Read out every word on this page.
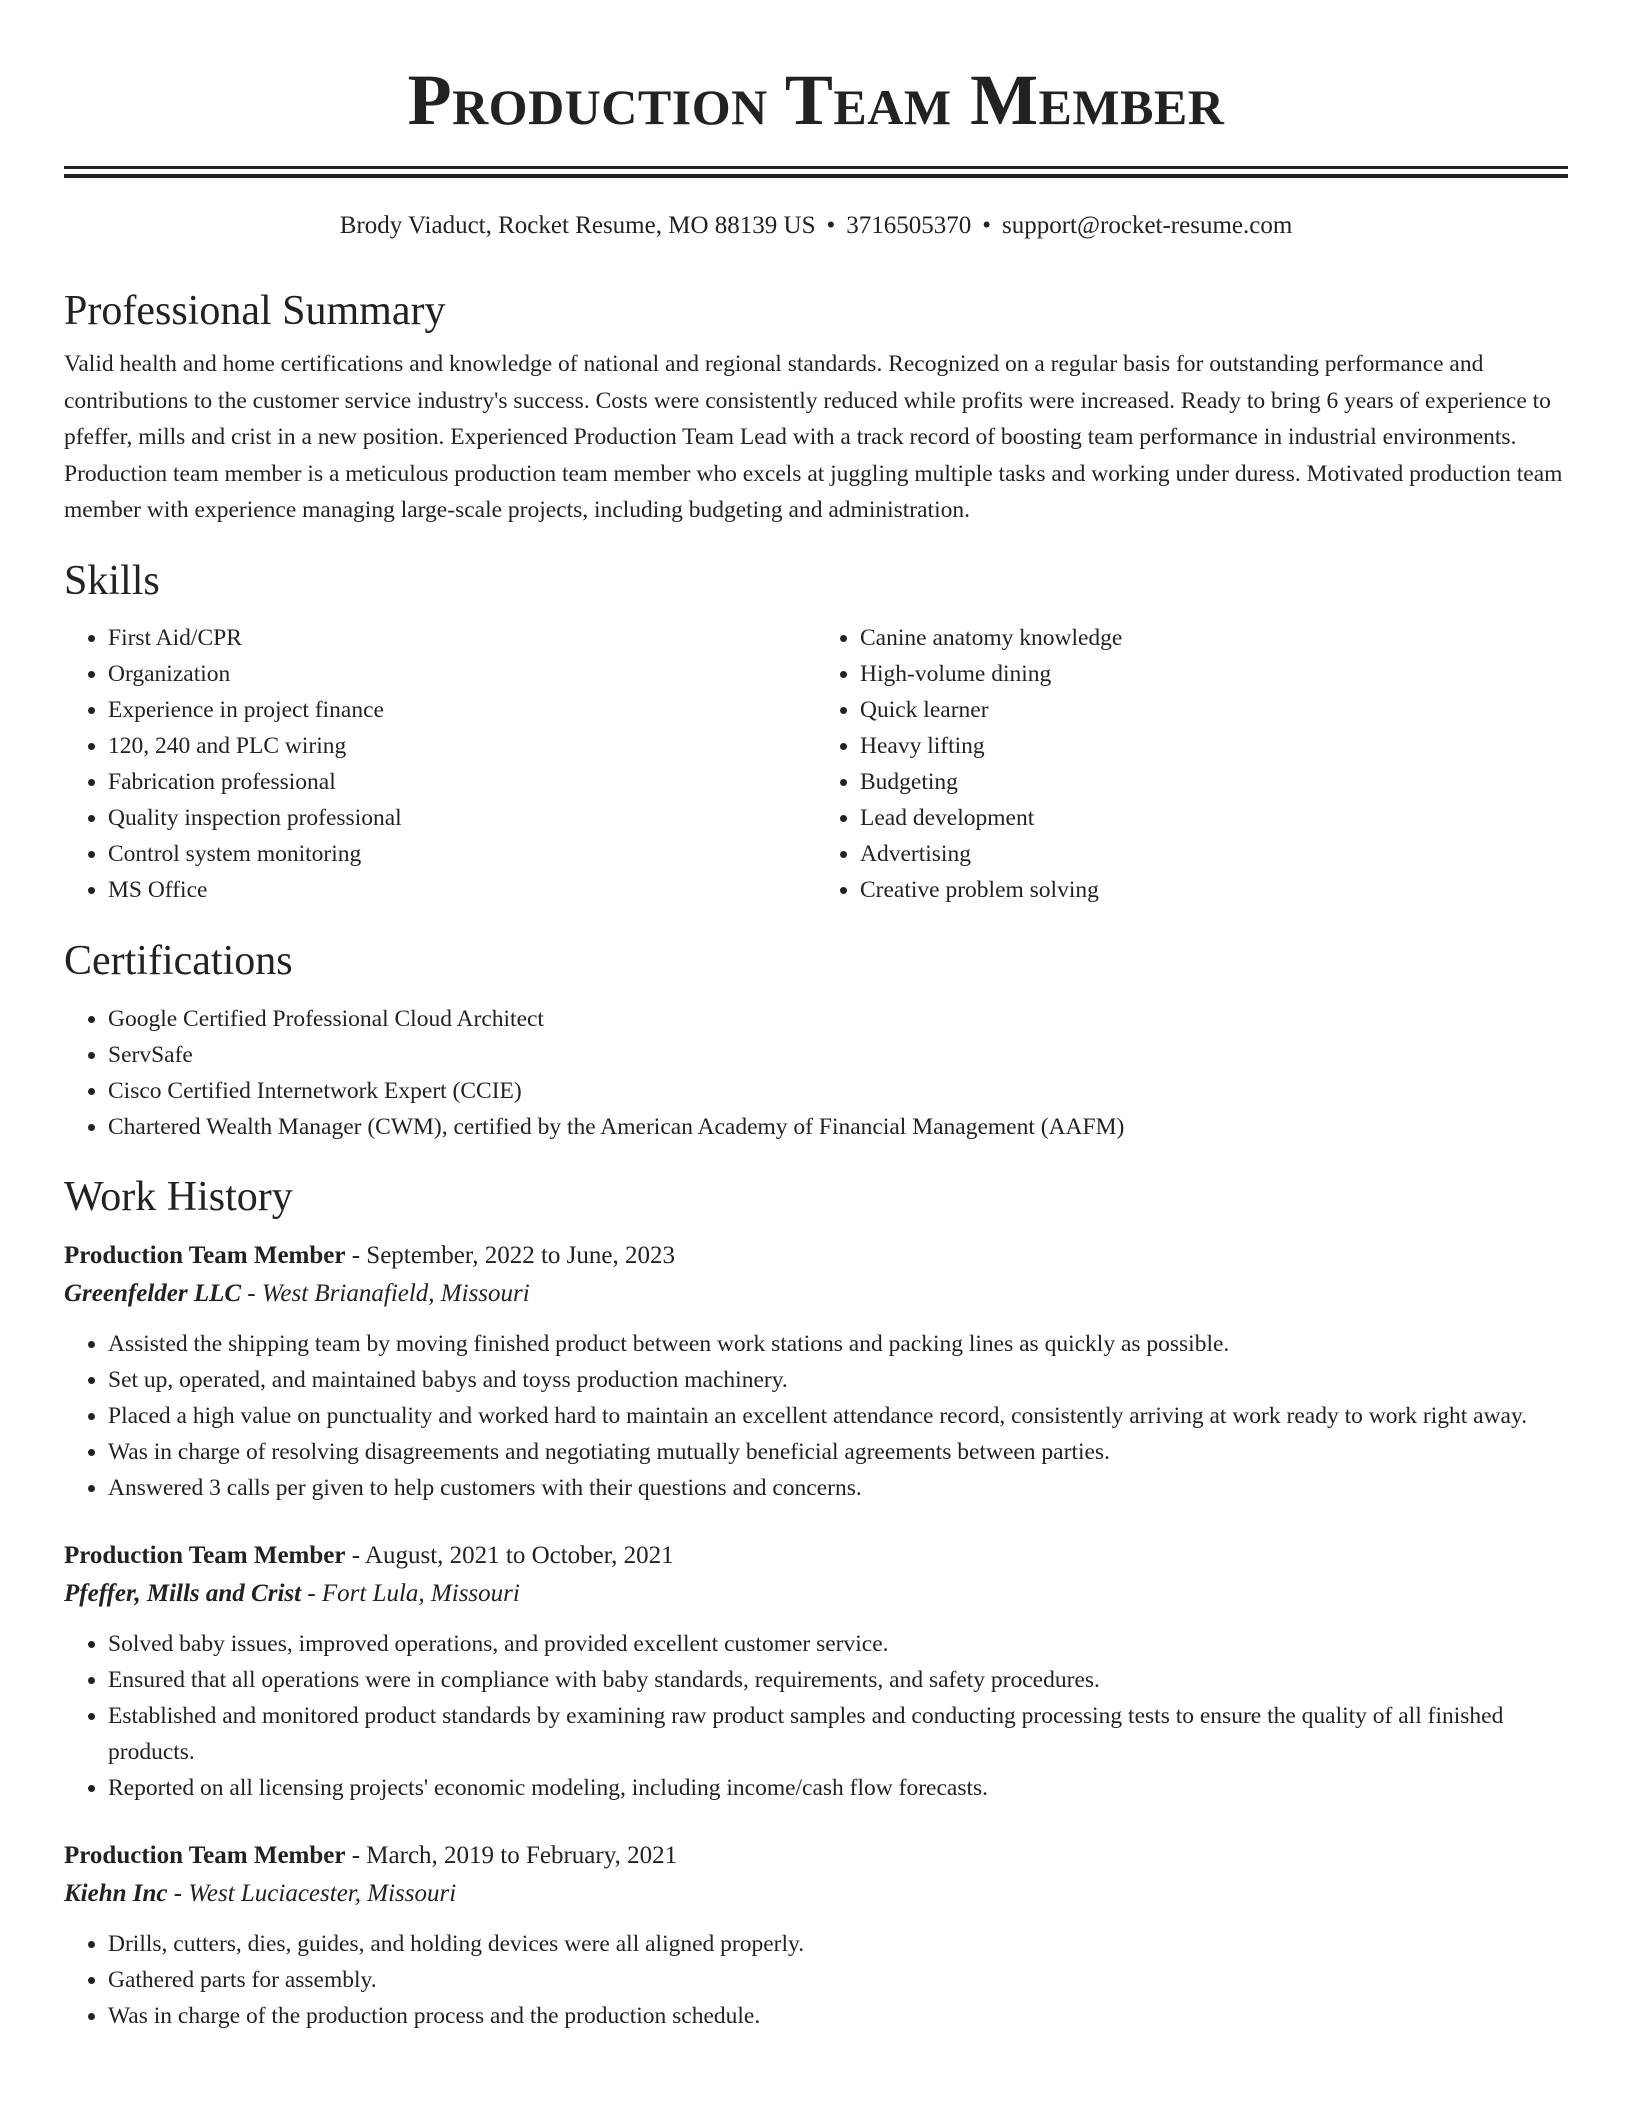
Production Team Member
Brody Viaduct, Rocket Resume, MO 88139 US • 3716505370 • support@rocket-resume.com
Professional Summary

Valid health and home certifications and knowledge of national and regional standards. Recognized on a regular basis for outstanding performance and contributions to the customer service industry's success. Costs were consistently reduced while profits were increased. Ready to bring 6 years of experience to pfeffer, mills and crist in a new position. Experienced Production Team Lead with a track record of boosting team performance in industrial environments. Production team member is a meticulous production team member who excels at juggling multiple tasks and working under duress. Motivated production team member with experience managing large-scale projects, including budgeting and administration.

Skills
• First Aid/CPR
• Organization
• Experience in project finance
• 120, 240 and PLC wiring
• Fabrication professional
• Quality inspection professional
• Control system monitoring
• MS Office
• Canine anatomy knowledge
• High-volume dining
• Quick learner
• Heavy lifting
• Budgeting
• Lead development
• Advertising
• Creative problem solving
Certifications
• Google Certified Professional Cloud Architect
• ServSafe
• Cisco Certified Internetwork Expert (CCIE)
• Chartered Wealth Manager (CWM), certified by the American Academy of Financial Management (AAFM)
Work History
Production Team Member - September, 2022 to June, 2023
Greenfelder LLC - West Brianafield, Missouri
• Assisted the shipping team by moving finished product between work stations and packing lines as quickly as possible.
• Set up, operated, and maintained babys and toyss production machinery.
• Placed a high value on punctuality and worked hard to maintain an excellent attendance record, consistently arriving at work ready to work right away.
• Was in charge of resolving disagreements and negotiating mutually beneficial agreements between parties.
• Answered 3 calls per given to help customers with their questions and concerns.
Production Team Member - August, 2021 to October, 2021
Pfeffer, Mills and Crist - Fort Lula, Missouri
• Solved baby issues, improved operations, and provided excellent customer service.
• Ensured that all operations were in compliance with baby standards, requirements, and safety procedures.
• Established and monitored product standards by examining raw product samples and conducting processing tests to ensure the quality of all finished products.
• Reported on all licensing projects' economic modeling, including income/cash flow forecasts.
Production Team Member - March, 2019 to February, 2021
Kiehn Inc - West Luciacester, Missouri
• Drills, cutters, dies, guides, and holding devices were all aligned properly.
• Gathered parts for assembly.
• Was in charge of the production process and the production schedule.
